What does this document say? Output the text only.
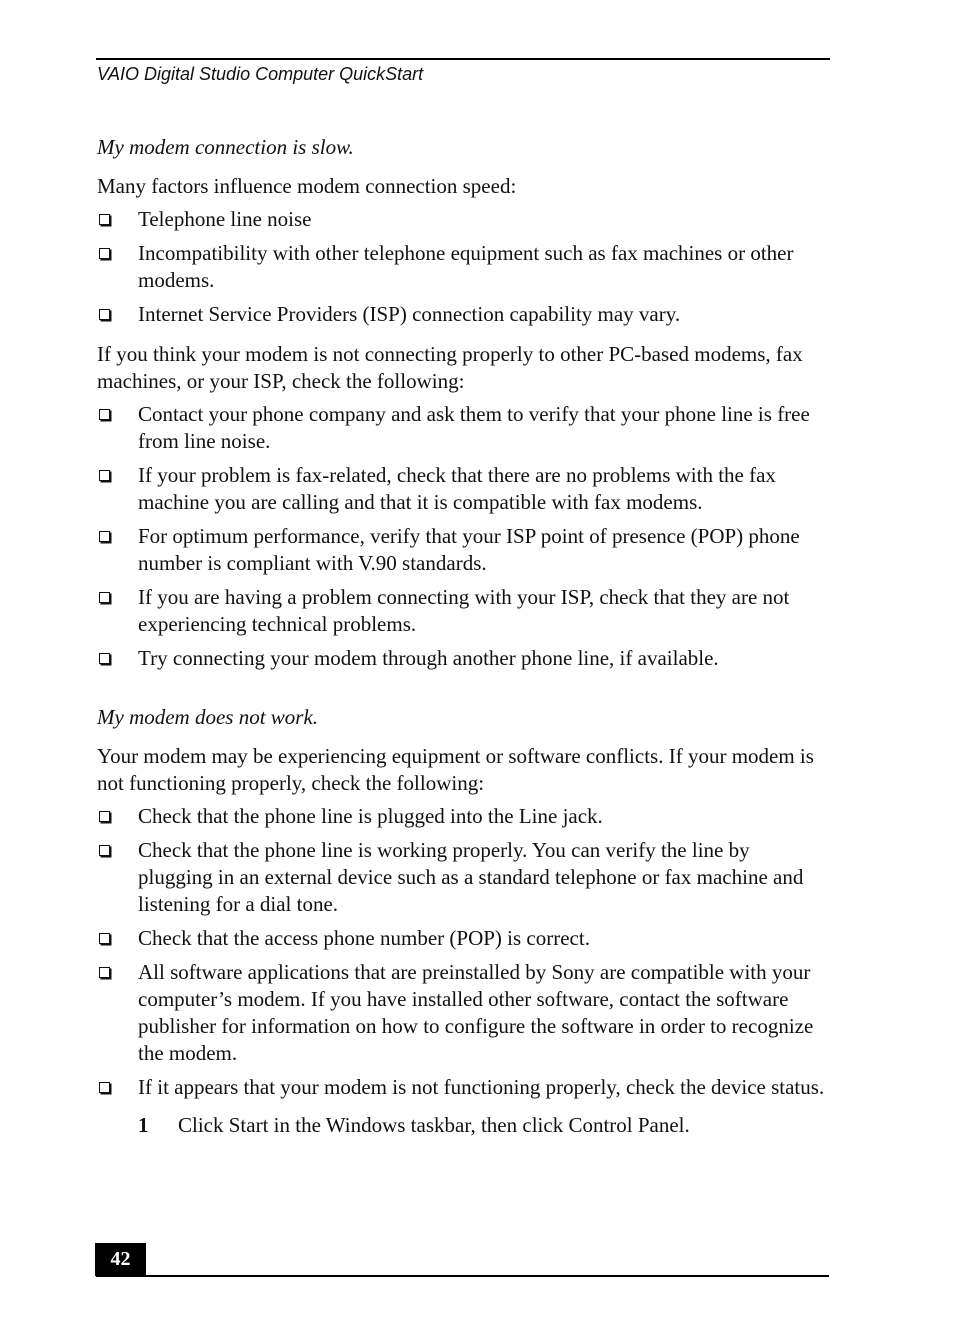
VAIO Digital Studio Computer QuickStart

My modem connection is slow.

Many factors influence modem connection speed:

Telephone line noise
Incompatibility with other telephone equipment such as fax machines or other modems.
Internet Service Providers (ISP) connection capability may vary.

If you think your modem is not connecting properly to other PC-based modems, fax machines, or your ISP, check the following:

Contact your phone company and ask them to verify that your phone line is free from line noise.
If your problem is fax-related, check that there are no problems with the fax machine you are calling and that it is compatible with fax modems.
For optimum performance, verify that your ISP point of presence (POP) phone number is compliant with V.90 standards.
If you are having a problem connecting with your ISP, check that they are not experiencing technical problems.
Try connecting your modem through another phone line, if available.

My modem does not work.

Your modem may be experiencing equipment or software conflicts. If your modem is not functioning properly, check the following:

Check that the phone line is plugged into the Line jack.
Check that the phone line is working properly. You can verify the line by plugging in an external device such as a standard telephone or fax machine and listening for a dial tone.
Check that the access phone number (POP) is correct.
All software applications that are preinstalled by Sony are compatible with your computer’s modem. If you have installed other software, contact the software publisher for information on how to configure the software in order to recognize the modem.
If it appears that your modem is not functioning properly, check the device status.
1 Click Start in the Windows taskbar, then click Control Panel.
42
